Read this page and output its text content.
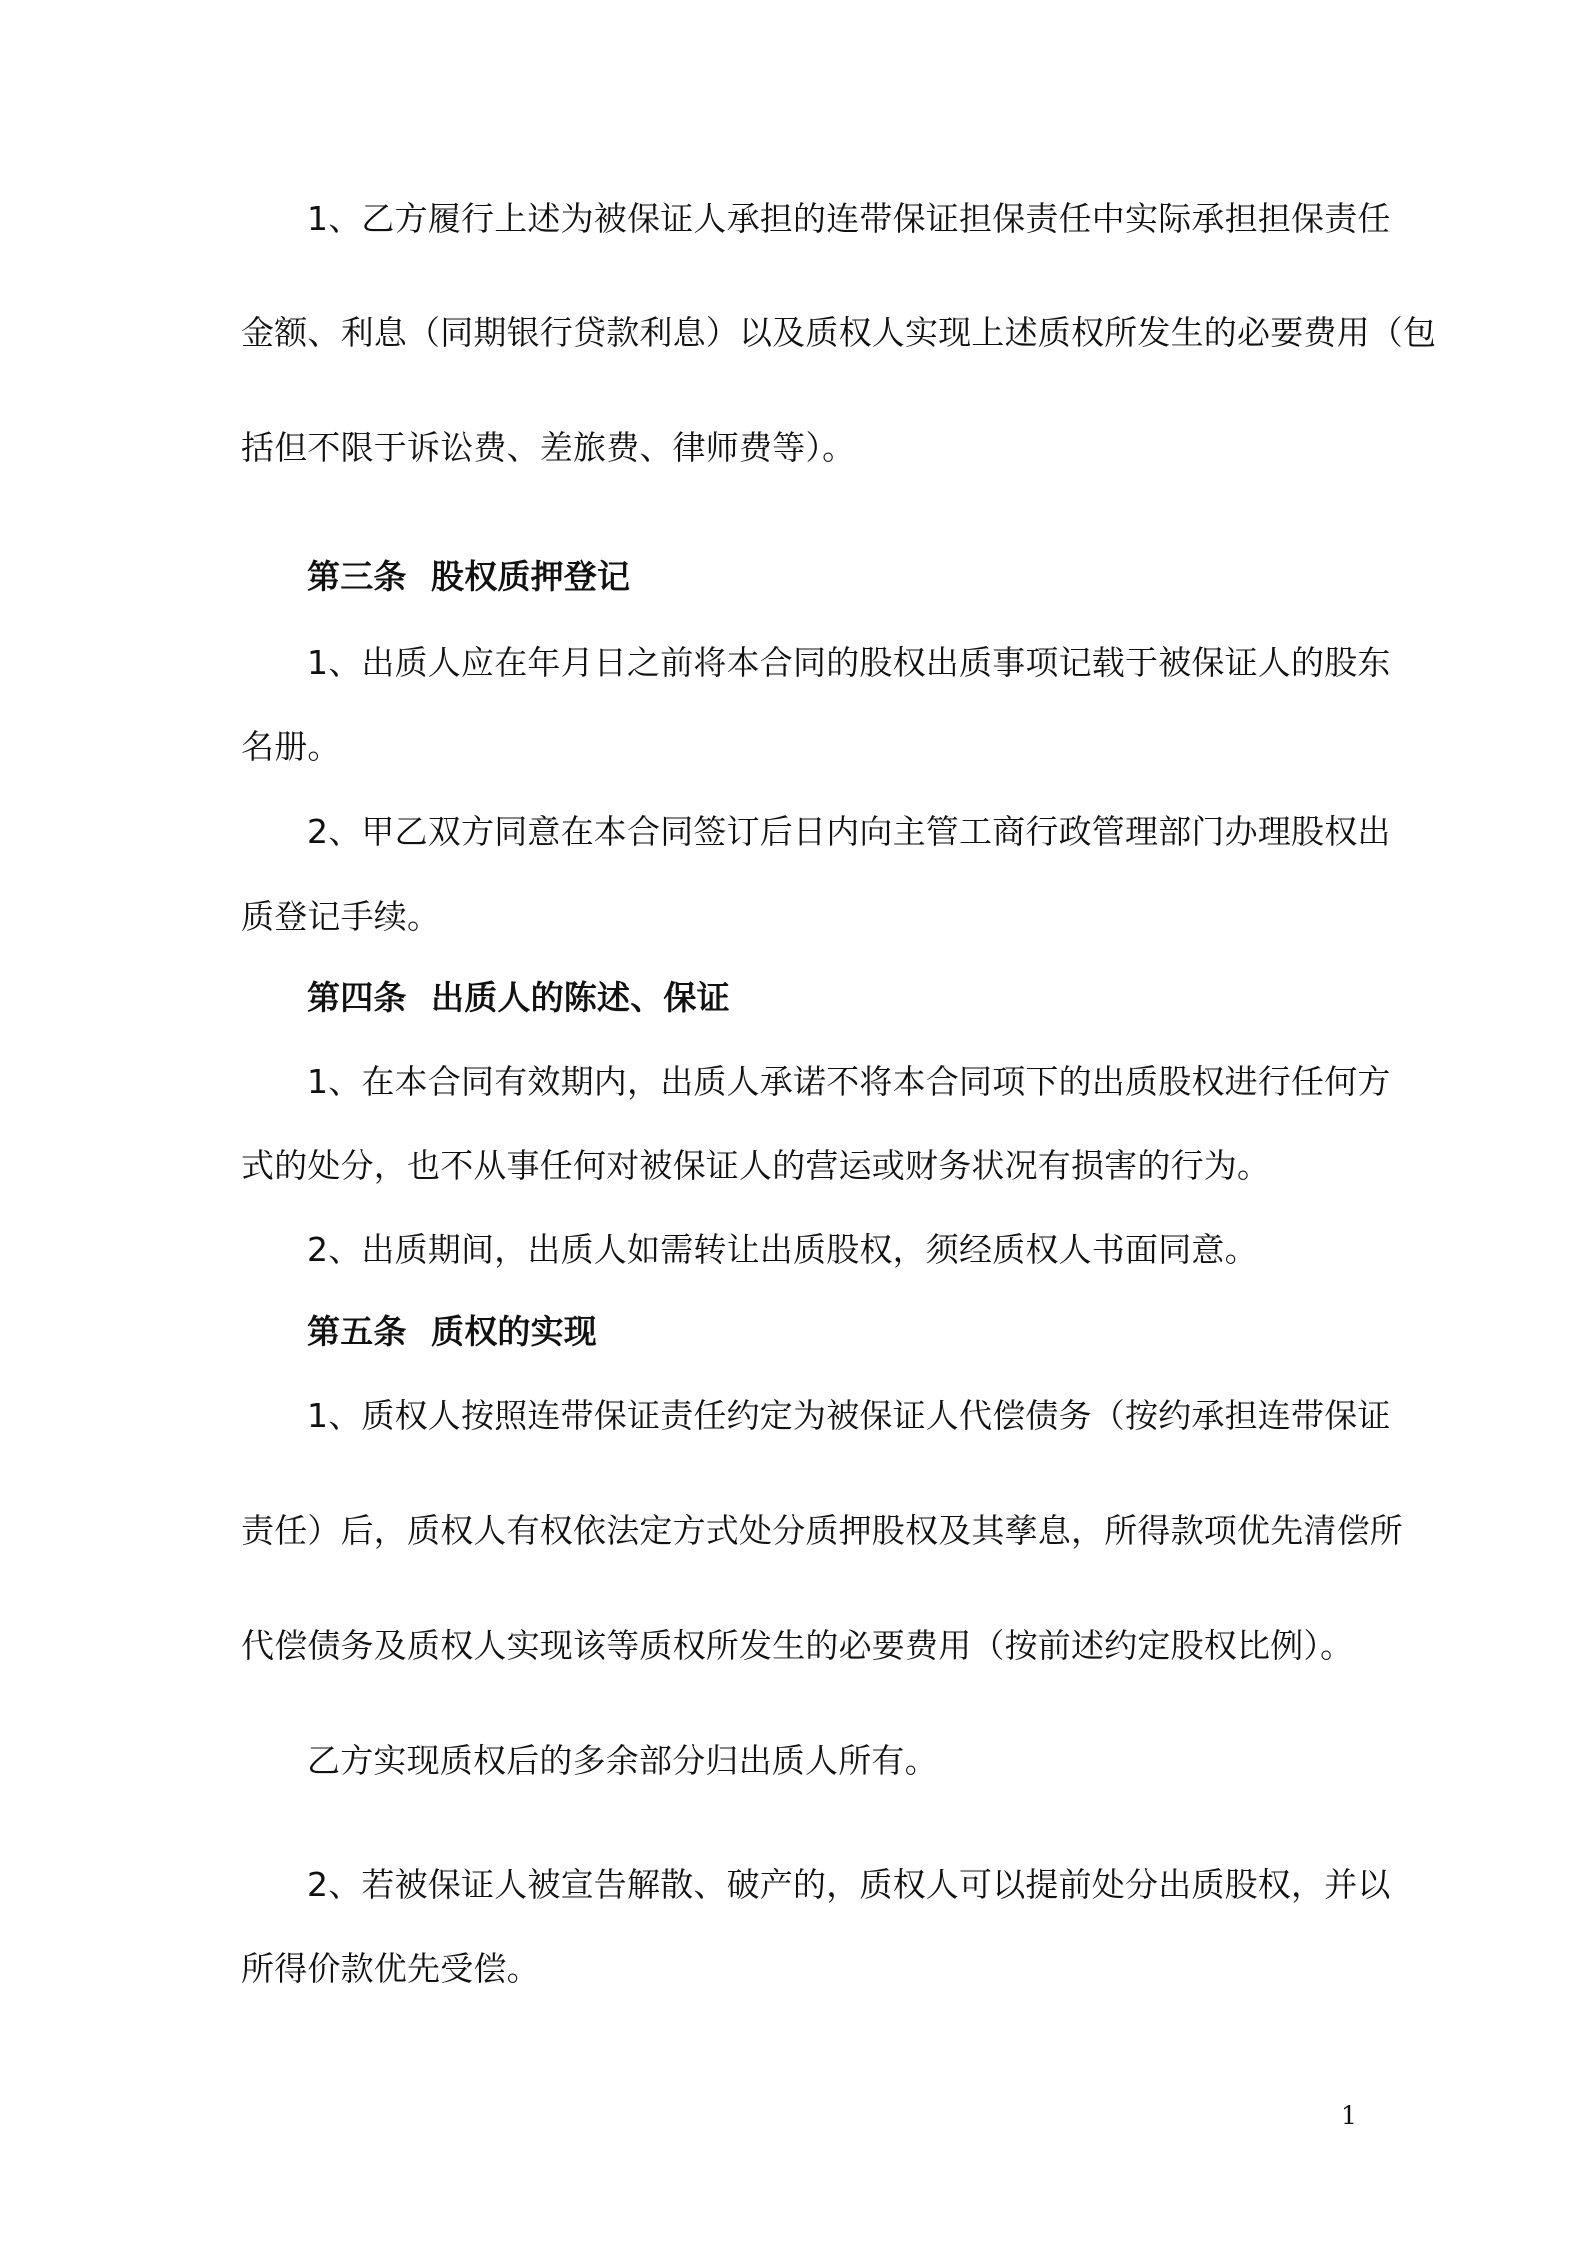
1、乙方履行上述为被保证人承担的连带保证担保责任中实际承担担保责任
金额、利息（同期银行贷款利息）以及质权人实现上述质权所发生的必要费用（包
括但不限于诉讼费、差旅费、律师费等）。
第三条 股权质押登记
1、出质人应在年月日之前将本合同的股权出质事项记载于被保证人的股东
名册。
2、甲乙双方同意在本合同签订后日内向主管工商行政管理部门办理股权出
质登记手续。
第四条 出质人的陈述、保证
1、在本合同有效期内，出质人承诺不将本合同项下的出质股权进行任何方
式的处分，也不从事任何对被保证人的营运或财务状况有损害的行为。
2、出质期间，出质人如需转让出质股权，须经质权人书面同意。
第五条 质权的实现
1、质权人按照连带保证责任约定为被保证人代偿债务（按约承担连带保证
责任）后，质权人有权依法定方式处分质押股权及其孳息，所得款项优先清偿所
代偿债务及质权人实现该等质权所发生的必要费用（按前述约定股权比例）。
乙方实现质权后的多余部分归出质人所有。
2、若被保证人被宣告解散、破产的，质权人可以提前处分出质股权，并以
所得价款优先受偿。
1
